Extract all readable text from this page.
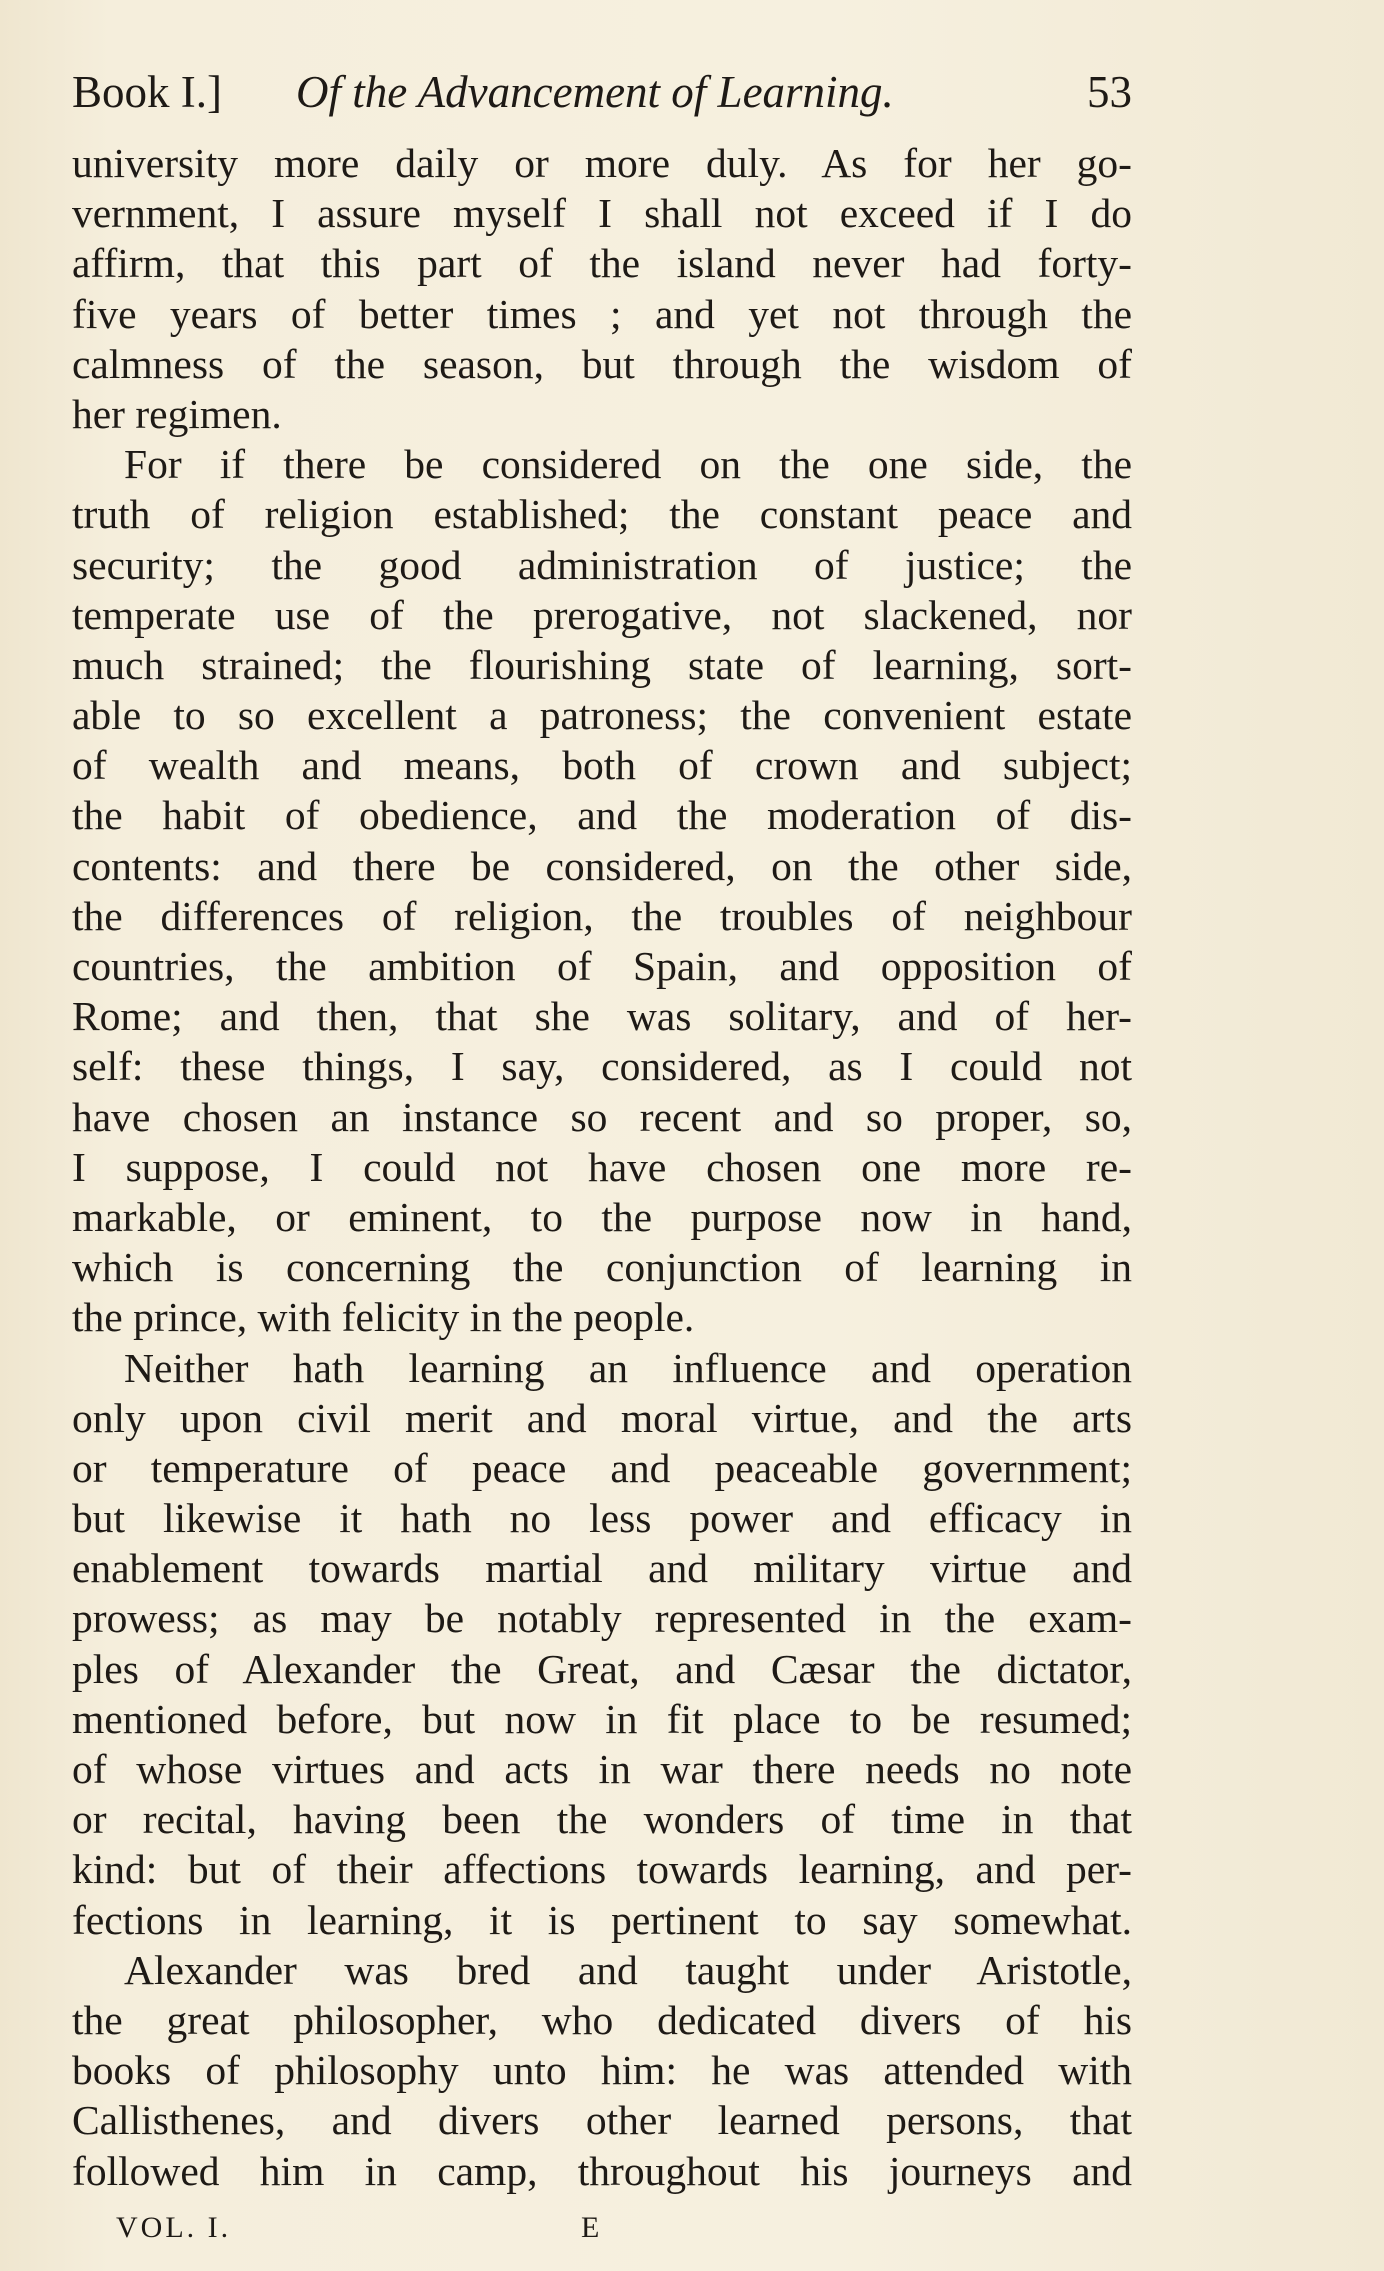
Book I.] Of the Advancement of Learning.	53
university more daily or more duly. As for her go-
vernment, I assure myself I shall not exceed if I do
affirm, that this part of the island never had forty-
five years of better times ; and yet not through the
calmness of the season, but through the wisdom of
her regimen.
For if there be considered on the one side, the
truth of religion established; the constant peace and
security; the good administration of justice; the
temperate use of the prerogative, not slackened, nor
much strained; the flourishing state of learning, sort-
able to so excellent a patroness; the convenient estate
of wealth and means, both of crown and subject;
the habit of obedience, and the moderation of dis-
contents: and there be considered, on the other side,
the differences of religion, the troubles of neighbour
countries, the ambition of Spain, and opposition of
Rome; and then, that she was solitary, and of her-
self: these things, I say, considered, as I could not
have chosen an instance so recent and so proper, so,
I suppose, I could not have chosen one more re-
markable, or eminent, to the purpose now in hand,
which is concerning the conjunction of learning in
the prince, with felicity in the people.
Neither hath learning an influence and operation
only upon civil merit and moral virtue, and the arts
or temperature of peace and peaceable government;
but likewise it hath no less power and efficacy in
enablement towards martial and military virtue and
prowess; as may be notably represented in the exam-
ples of Alexander the Great, and Cæsar the dictator,
mentioned before, but now in fit place to be resumed;
of whose virtues and acts in war there needs no note
or recital, having been the wonders of time in that
kind: but of their affections towards learning, and per-
fections in learning, it is pertinent to say somewhat.
Alexander was bred and taught under Aristotle,
the great philosopher, who dedicated divers of his
books of philosophy unto him: he was attended with
Callisthenes, and divers other learned persons, that
followed him in camp, throughout his journeys and
VOL. I.	E
